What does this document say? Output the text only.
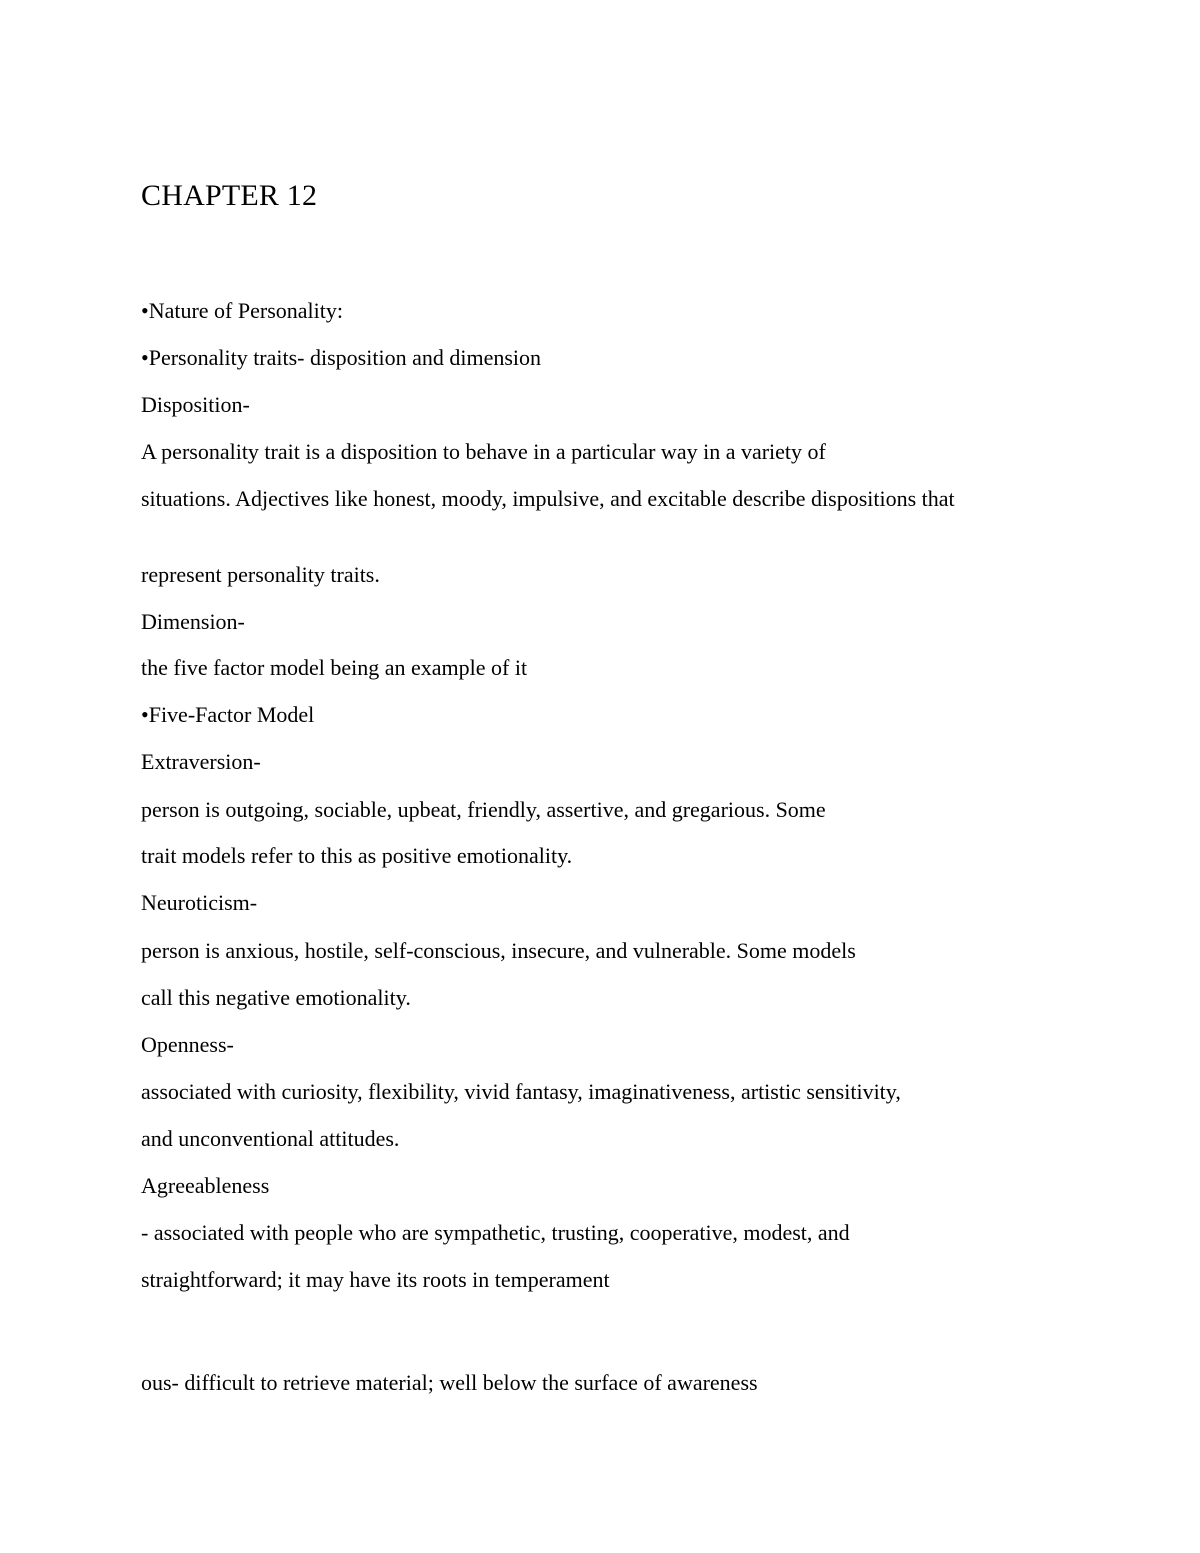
CHAPTER 12
•Nature of Personality:
•Personality traits- disposition and dimension
Disposition-
A personality trait is a disposition to behave in a particular way in a variety of
situations. Adjectives like honest, moody, impulsive, and excitable describe dispositions that
represent personality traits.
Dimension-
the five factor model being an example of it
•Five-Factor Model
Extraversion-
person is outgoing, sociable, upbeat, friendly, assertive, and gregarious. Some
trait models refer to this as positive emotionality.
Neuroticism-
person is anxious, hostile, self-conscious, insecure, and vulnerable. Some models
call this negative emotionality.
Openness-
associated with curiosity, flexibility, vivid fantasy, imaginativeness, artistic sensitivity,
and unconventional attitudes.
Agreeableness
- associated with people who are sympathetic, trusting, cooperative, modest, and
straightforward; it may have its roots in temperament
ous- difficult to retrieve material; well below the surface of awareness
